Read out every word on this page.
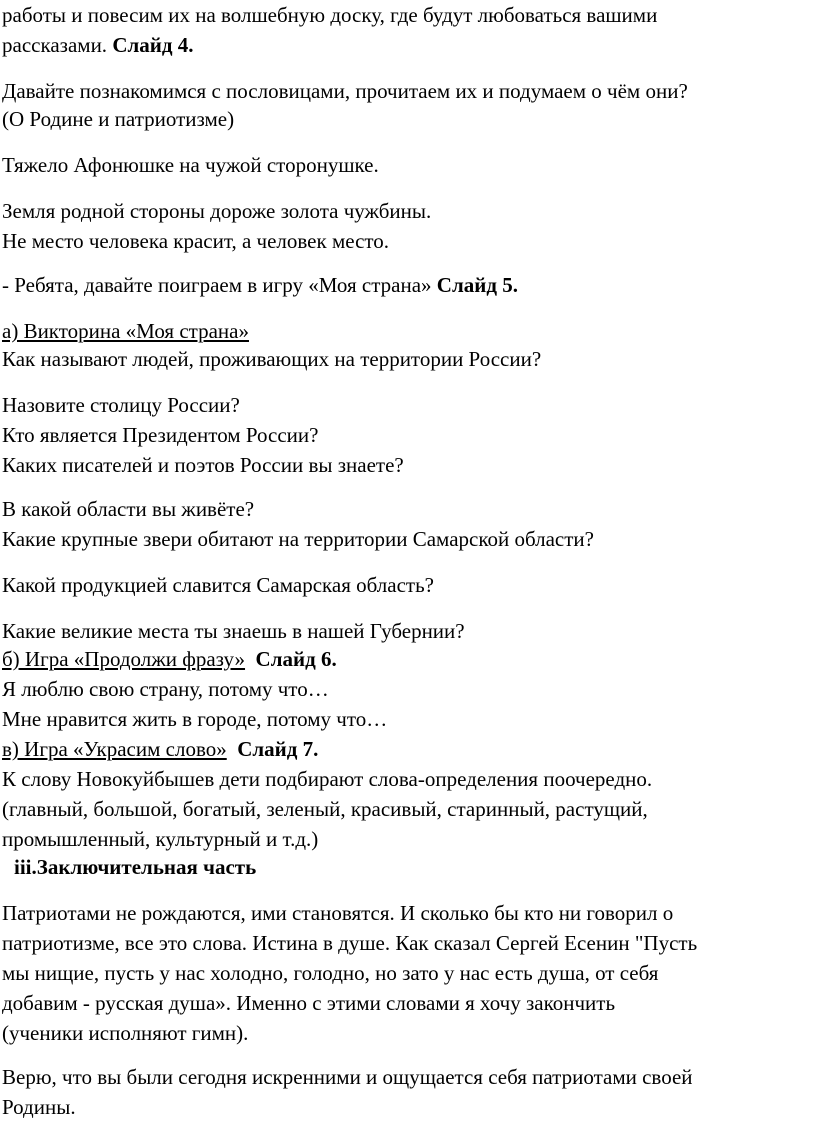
работы и повесим их на волшебную доску, где будут любоваться вашими
рассказами. Слайд 4.
Давайте познакомимся с пословицами, прочитаем их и подумаем о чём они?
(О Родине и патриотизме)
Тяжело Афонюшке на чужой сторонушке.
Земля родной стороны дороже золота чужбины.
Не место человека красит, а человек место.
- Ребята, давайте поиграем в игру «Моя страна» Слайд 5.
а) Викторина «Моя страна»
Как называют людей, проживающих на территории России?
Назовите столицу России?
Кто является Президентом России?
Каких писателей и поэтов России вы знаете?
В какой области вы живёте?
Какие крупные звери обитают на территории Самарской области?
Какой продукцией славится Самарская область?
Какие великие места ты знаешь в нашей Губернии?
б) Игра «Продолжи фразу» Слайд 6.
Я люблю свою страну, потому что…
Мне нравится жить в городе, потому что…
в) Игра «Украсим слово» Слайд 7.
К слову Новокуйбышев дети подбирают слова-определения поочередно.
(главный, большой, богатый, зеленый, красивый, старинный, растущий,
промышленный, культурный и т.д.)
iii.Заключительная часть
Патриотами не рождаются, ими становятся. И сколько бы кто ни говорил о
патриотизме, все это слова. Истина в душе. Как сказал Сергей Есенин "Пусть
мы нищие, пусть у нас холодно, голодно, но зато у нас есть душа, от себя
добавим - русская душа». Именно с этими словами я хочу закончить
(ученики исполняют гимн).
Верю, что вы были сегодня искренними и ощущается себя патриотами своей
Родины.
